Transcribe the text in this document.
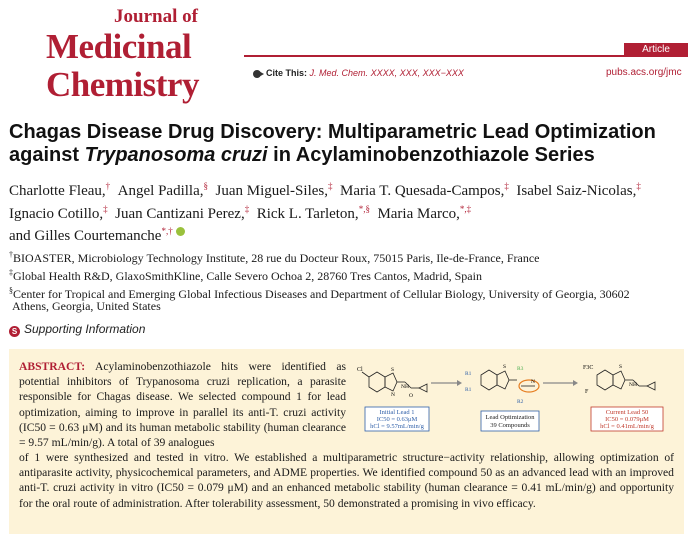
Journal of
Medicinal
Chemistry
Article
Cite This: J. Med. Chem. XXXX, XXX, XXX−XXX	pubs.acs.org/jmc
Chagas Disease Drug Discovery: Multiparametric Lead Optimization
against Trypanosoma cruzi in Acylaminobenzothiazole Series
Charlotte Fleau,† Angel Padilla,§ Juan Miguel-Siles,‡ Maria T. Quesada-Campos,‡ Isabel Saiz-Nicolas,‡
Ignacio Cotillo,‡ Juan Cantizani Perez,‡ Rick L. Tarleton,*,§ Maria Marco,*,‡
and Gilles Courtemanche*,†
†BIOASTER, Microbiology Technology Institute, 28 rue du Docteur Roux, 75015 Paris, Ile-de-France, France
‡Global Health R&D, GlaxoSmithKline, Calle Severo Ochoa 2, 28760 Tres Cantos, Madrid, Spain
§Center for Tropical and Emerging Global Infectious Diseases and Department of Cellular Biology, University of Georgia, 30602
Athens, Georgia, United States
S Supporting Information
ABSTRACT: Acylaminobenzothiazole hits were identified as potential inhibitors of Trypanosoma cruzi replication, a parasite responsible for Chagas disease. We selected compound 1 for lead optimization, aiming to improve in parallel its anti-T. cruzi activity (IC50 = 0.63 μM) and its human metabolic stability (human clearance = 9.57 mL/min/g). A total of 39 analogues
of 1 were synthesized and tested in vitro. We established a multiparametric structure−activity relationship, allowing optimization of antiparasite activity, physicochemical parameters, and ADME properties. We identified compound 50 as an advanced lead with an improved anti-T. cruzi activity in vitro (IC50 = 0.079 μM) and an enhanced metabolic stability (human clearance = 0.41 mL/min/g) and opportunity for the oral route of administration. After tolerability assessment, 50 demonstrated a promising in vivo efficacy.
Cl	S
N
NH
O
Initial Lead 1
IC50 = 0.63μM
hCl = 9.57mL/min/g
R1
R1
R3
R2
S
N
Lead Optimization
39 Compounds
F3C
F
NH
S
Current Lead 50
IC50 = 0.079μM
hCl = 0.41mL/min/g
